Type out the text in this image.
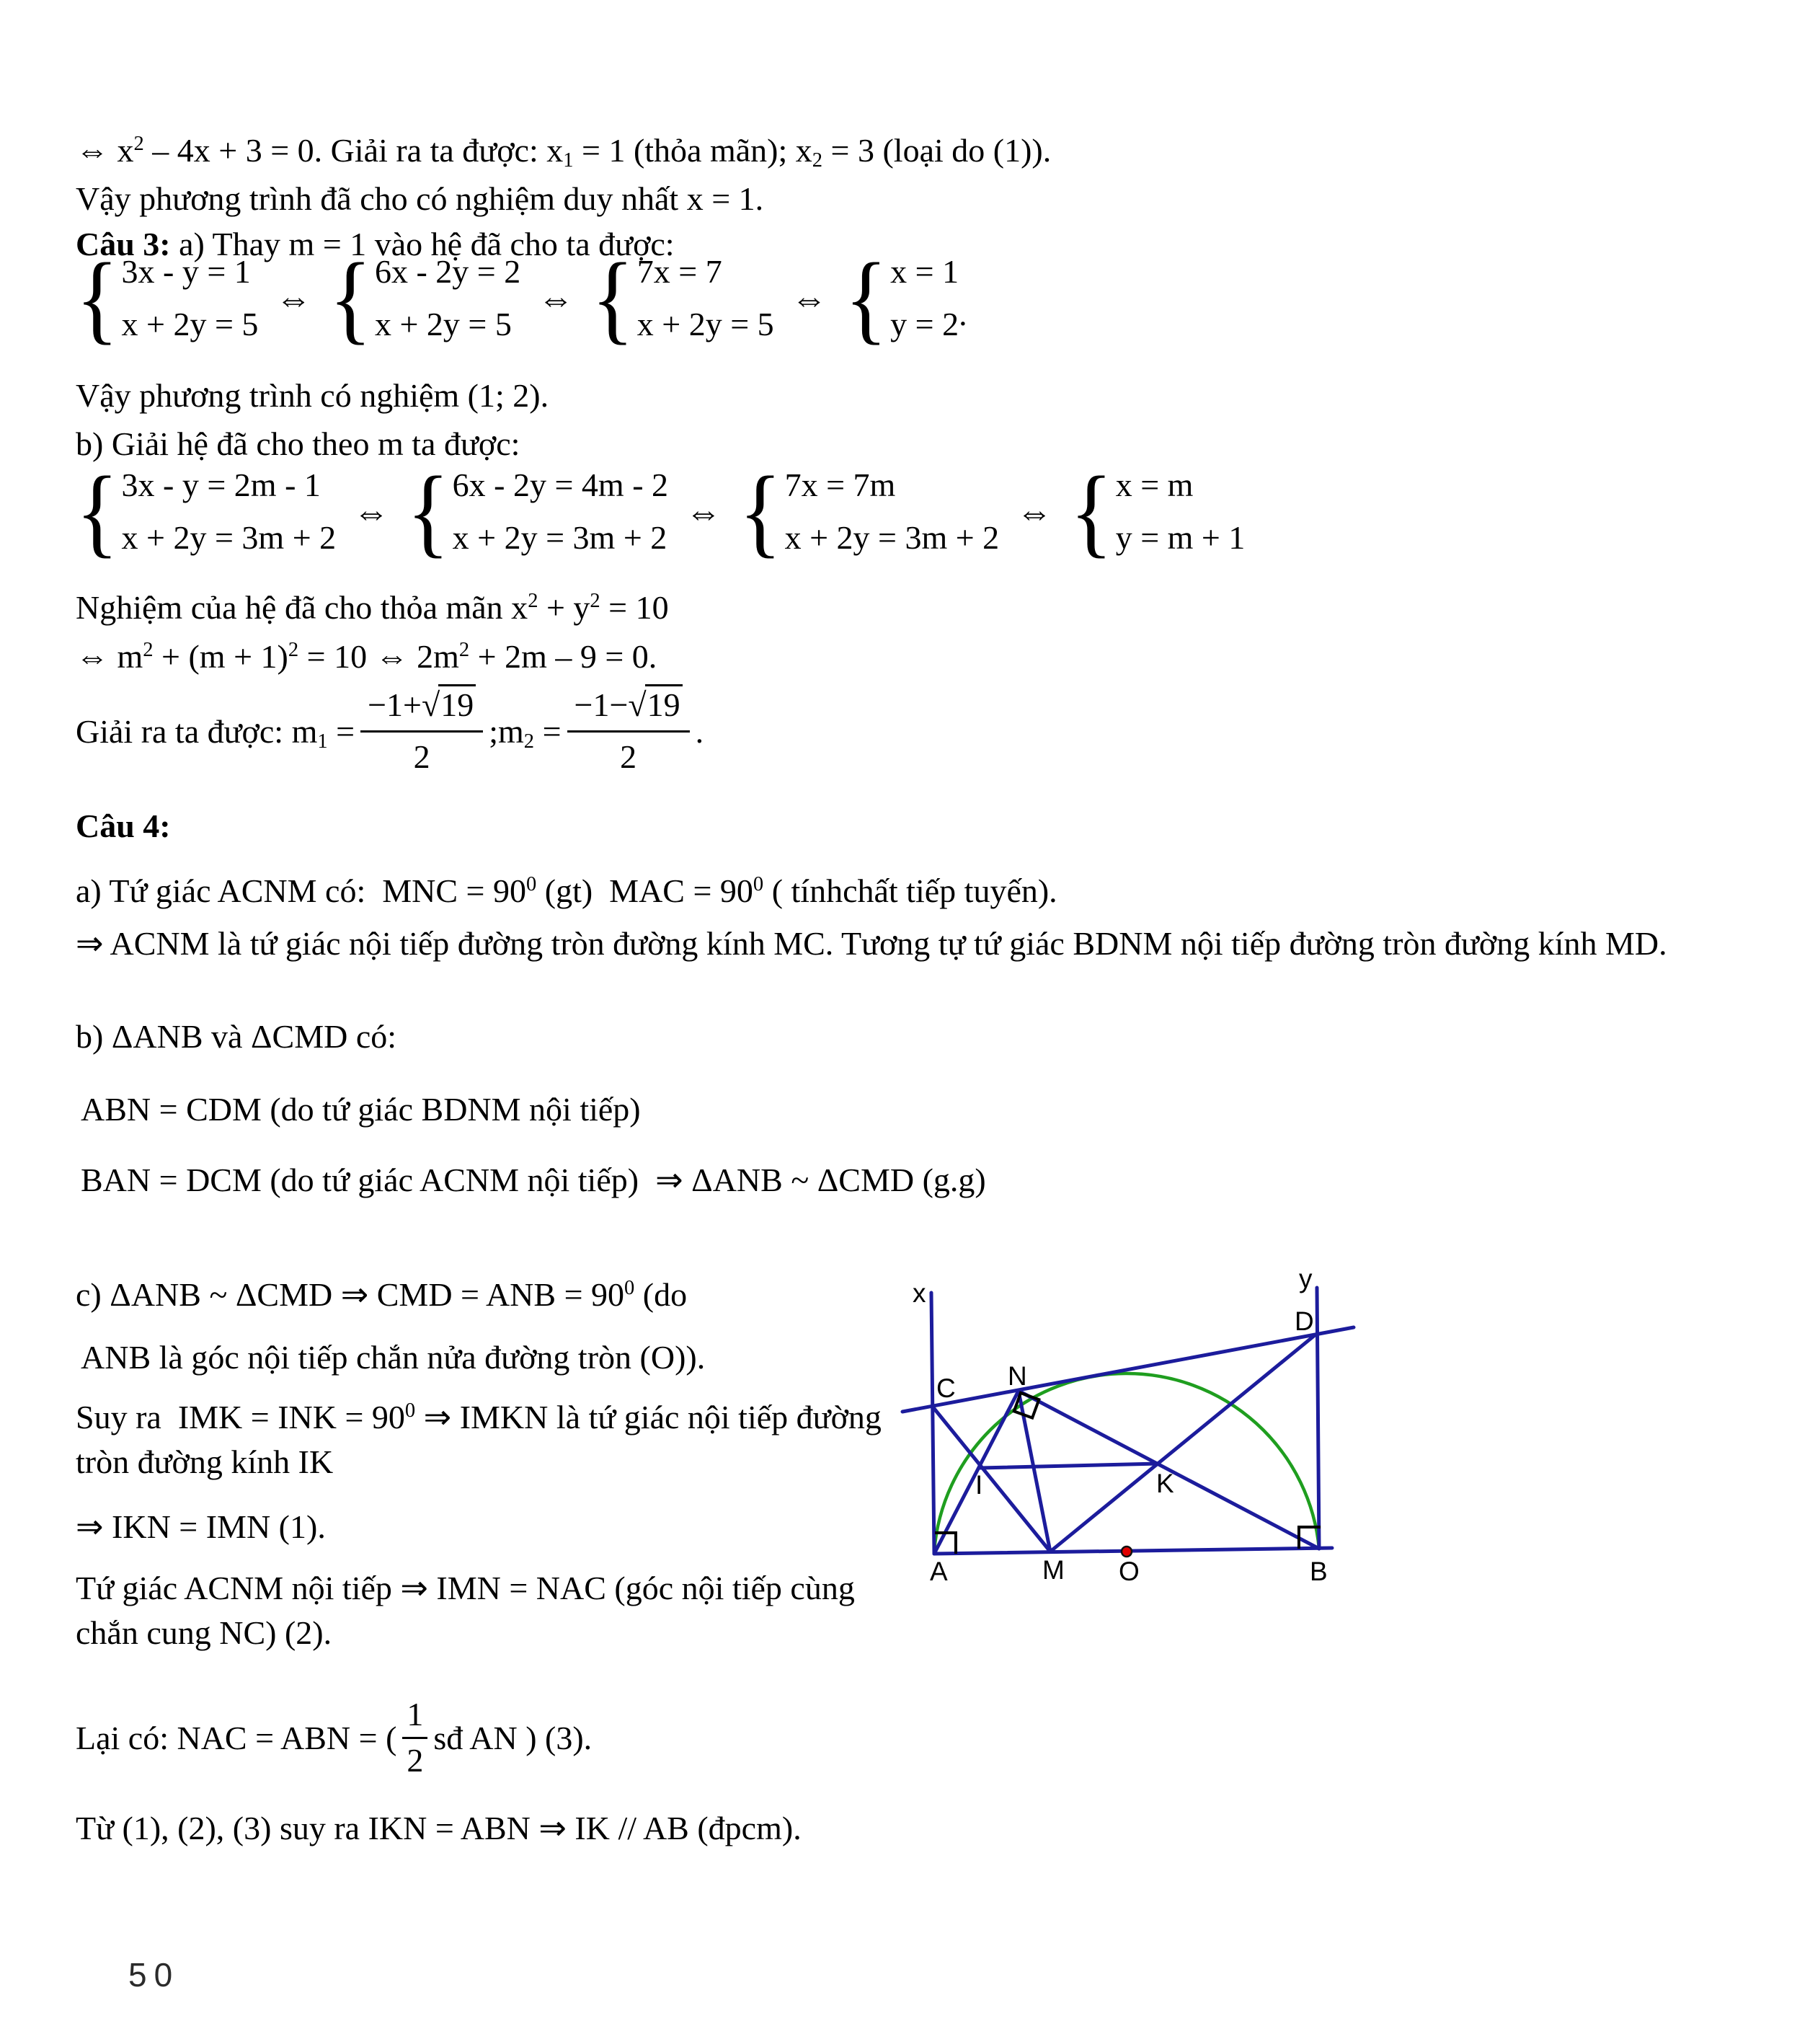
⇔ $x^2 - 4x + 3 = 0$. Giải ra ta được: $x_1 = 1$ (thỏa mãn); $x_2 = 3$ (loại do (1)).
Vậy phương trình đã cho có nghiệm duy nhất x = 1.
Câu 3: a) Thay m = 1 vào hệ đã cho ta được:
{ 3x - y = 1
x + 2y = 5
⇔ { 6x - 2y = 2
x + 2y = 5
⇔ { 7x = 7
x + 2y = 5
⇔ { x = 1
y = 2 .
Vậy phương trình có nghiệm (1; 2).
b) Giải hệ đã cho theo m ta được:
{ 3x - y = 2m - 1
x + 2y = 3m + 2
⇔ { 6x - 2y = 4m - 2
x + 2y = 3m + 2
⇔ { 7x = 7m
x + 2y = 3m + 2
⇔ { x = m
y = m + 1
Nghiệm của hệ đã cho thỏa mãn $x^2 + y^2 = 10$
⇔ $m^2 + (m + 1)^2 = 10$ ⇔ $2m^2 + 2m - 9 = 0$.
Giải ra ta được: $m_1 = \frac{-1+√19}{2}$ $;m_2 = \frac{-1-√19}{2}$ .
Câu 4:
a) Tứ giác ACNM có:  MNC = $90^0$ (gt)  MAC = $90^0$ ( tínhchất tiếp tuyến).
⇒ ACNM là tứ giác nội tiếp đường tròn đường kính MC. Tương tự tứ giác BDNM nội tiếp đường tròn đường kính MD.
b) ΔANB và ΔCMD có:
ABN = CDM (do tứ giác BDNM nội tiếp)
BAN = DCM (do tứ giác ACNM nội tiếp)  ⇒ ΔANB ~ ΔCMD (g.g)
c) ΔANB ~ ΔCMD ⇒ CMD = ANB = $90^0$ (do
ANB là góc nội tiếp chắn nửa đường tròn (O)).
Suy ra  IMK = INK = $90^0$ ⇒ IMKN là tứ giác nội tiếp đường tròn đường kính IK
⇒ IKN = IMN (1).
Tứ giác ACNM nội tiếp ⇒ IMN = NAC (góc nội tiếp cùng chắn cung NC) (2).
Lại có: NAC = ABN = ( $\frac{1}{2}$ sđ AN ) (3).
Từ (1), (2), (3) suy ra IKN = ABN ⇒ IK // AB (đpcm).
x	y
D
C N
I	K
A	M O	B
50
